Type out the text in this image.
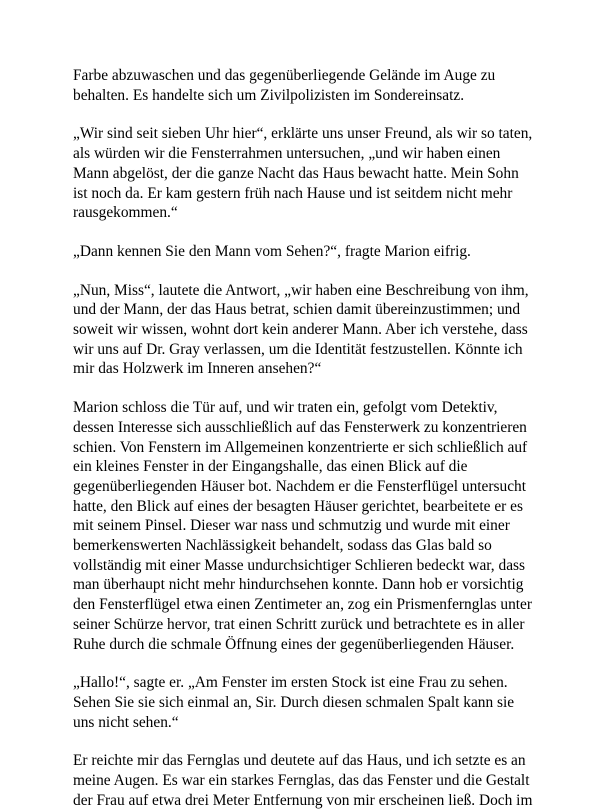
Farbe abzuwaschen und das gegenüberliegende Gelände im Auge zu behalten. Es handelte sich um Zivilpolizisten im Sondereinsatz.

„Wir sind seit sieben Uhr hier“, erklärte uns unser Freund, als wir so taten, als würden wir die Fensterrahmen untersuchen, „und wir haben einen Mann abgelöst, der die ganze Nacht das Haus bewacht hatte. Mein Sohn ist noch da. Er kam gestern früh nach Hause und ist seitdem nicht mehr rausgekommen.“

„Dann kennen Sie den Mann vom Sehen?“, fragte Marion eifrig.

„Nun, Miss“, lautete die Antwort, „wir haben eine Beschreibung von ihm, und der Mann, der das Haus betrat, schien damit übereinzustimmen; und soweit wir wissen, wohnt dort kein anderer Mann. Aber ich verstehe, dass wir uns auf Dr. Gray verlassen, um die Identität festzustellen. Könnte ich mir das Holzwerk im Inneren ansehen?“

Marion schloss die Tür auf, und wir traten ein, gefolgt vom Detektiv, dessen Interesse sich ausschließlich auf das Fensterwerk zu konzentrieren schien. Von Fenstern im Allgemeinen konzentrierte er sich schließlich auf ein kleines Fenster in der Eingangshalle, das einen Blick auf die gegenüberliegenden Häuser bot. Nachdem er die Fensterflügel untersucht hatte, den Blick auf eines der besagten Häuser gerichtet, bearbeitete er es mit seinem Pinsel. Dieser war nass und schmutzig und wurde mit einer bemerkenswerten Nachlässigkeit behandelt, sodass das Glas bald so vollständig mit einer Masse undurchsichtiger Schlieren bedeckt war, dass man überhaupt nicht mehr hindurchsehen konnte. Dann hob er vorsichtig den Fensterflügel etwa einen Zentimeter an, zog ein Prismenfernglas unter seiner Schürze hervor, trat einen Schritt zurück und betrachtete es in aller Ruhe durch die schmale Öffnung eines der gegenüberliegenden Häuser.

„Hallo!“, sagte er. „Am Fenster im ersten Stock ist eine Frau zu sehen. Sehen Sie sie sich einmal an, Sir. Durch diesen schmalen Spalt kann sie uns nicht sehen.“

Er reichte mir das Fernglas und deutete auf das Haus, und ich setzte es an meine Augen. Es war ein starkes Fernglas, das das Fenster und die Gestalt der Frau auf etwa drei Meter Entfernung von mir erscheinen ließ. Doch im
